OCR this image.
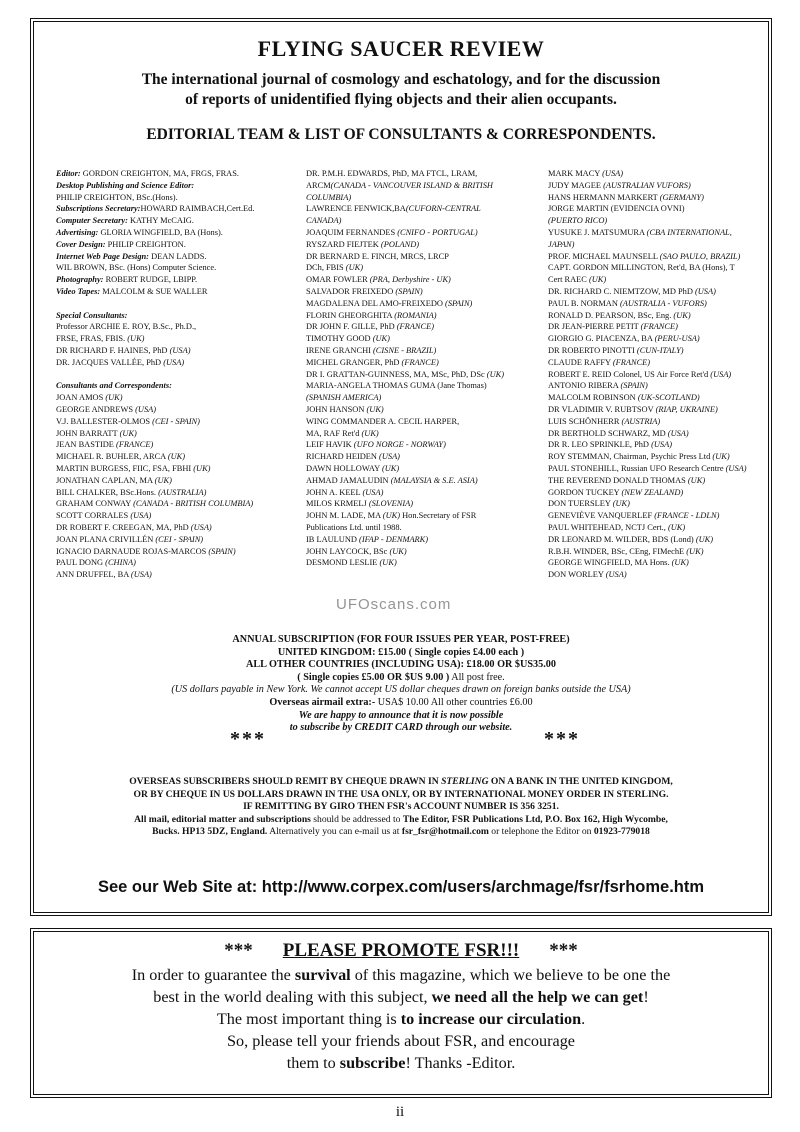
FLYING SAUCER REVIEW
The international journal of cosmology and eschatology, and for the discussion
of reports of unidentified flying objects and their alien occupants.
EDITORIAL TEAM & LIST OF CONSULTANTS & CORRESPONDENTS.
Editor: GORDON CREIGHTON, MA, FRGS, FRAS.
Desktop Publishing and Science Editor:
PHILIP CREIGHTON, BSc.(Hons).
Subscriptions Secretary:HOWARD RAIMBACH,Cert.Ed.
Computer Secretary: KATHY McCAIG.
Advertising: GLORIA WINGFIELD, BA (Hons).
Cover Design: PHILIP CREIGHTON.
Internet Web Page Design: DEAN LADDS.
WIL BROWN, BSc. (Hons) Computer Science.
Photography: ROBERT RUDGE, LBIPP.
Video Tapes: MALCOLM & SUE WALLER
Special Consultants:
Professor ARCHIE E. ROY, B.Sc., Ph.D.,
FRSE, FRAS, FBIS. (UK)
DR RICHARD F. HAINES, PhD (USA)
DR. JACQUES VALLÉE, PhD (USA)
Consultants and Correspondents:
JOAN AMOS (UK)
GEORGE ANDREWS (USA)
V.J. BALLESTER-OLMOS (CEI - SPAIN)
JOHN BARRATT (UK)
JEAN BASTIDE (FRANCE)
MICHAEL R. BUHLER, ARCA (UK)
MARTIN BURGESS, FIIC, FSA, FBHI (UK)
JONATHAN CAPLAN, MA (UK)
BILL CHALKER, BSc.Hons. (AUSTRALIA)
GRAHAM CONWAY (CANADA - BRITISH COLUMBIA)
SCOTT CORRALES (USA)
DR ROBERT F. CREEGAN, MA, PhD (USA)
JOAN PLANA CRIVILLÉN (CEI - SPAIN)
IGNACIO DARNAUDE ROJAS-MARCOS (SPAIN)
PAUL DONG (CHINA)
ANN DRUFFEL, BA (USA)
DR. P.M.H. EDWARDS, PhD, MA FTCL, LRAM,
ARCM(CANADA - VANCOUVER ISLAND & BRITISH
COLUMBIA)
LAWRENCE FENWICK,BA(CUFORN-CENTRAL
CANADA)
JOAQUIM FERNANDES (CNIFO - PORTUGAL)
RYSZARD FIEJTEK (POLAND)
DR BERNARD E. FINCH, MRCS, LRCP
DCh, FBIS (UK)
OMAR FOWLER (PRA, Derbyshire - UK)
SALVADOR FREIXEDO (SPAIN)
MAGDALENA DEL AMO-FREIXEDO (SPAIN)
FLORIN GHEORGHITA (ROMANIA)
DR JOHN F. GILLE, PhD (FRANCE)
TIMOTHY GOOD (UK)
IRENE GRANCHI (CISNE - BRAZIL)
MICHEL GRANGER, PhD (FRANCE)
DR I. GRATTAN-GUINNESS, MA, MSc, PhD, DSc (UK)
MARIA-ANGELA THOMAS GUMA (Jane Thomas)
(SPANISH AMERICA)
JOHN HANSON (UK)
WING COMMANDER A. CECIL HARPER,
MA, RAF Ret'd (UK)
LEIF HAVIK (UFO NORGE - NORWAY)
RICHARD HEIDEN (USA)
DAWN HOLLOWAY (UK)
AHMAD JAMALUDIN (MALAYSIA & S.E. ASIA)
JOHN A. KEEL (USA)
MILOS KRMELJ (SLOVENIA)
JOHN M. LADE, MA (UK) Hon.Secretary of FSR
Publications Ltd. until 1988.
IB LAULUND (IFAP - DENMARK)
JOHN LAYCOCK, BSc (UK)
DESMOND LESLIE (UK)
MARK MACY (USA)
JUDY MAGEE (AUSTRALIAN VUFORS)
HANS HERMANN MARKERT (GERMANY)
JORGE MARTIN (EVIDENCIA OVNI)
(PUERTO RICO)
YUSUKE J. MATSUMURA (CBA INTERNATIONAL,
JAPAN)
PROF. MICHAEL MAUNSELL (SAO PAULO, BRAZIL)
CAPT. GORDON MILLINGTON, Ret'd, BA (Hons), T
Cert RAEC (UK)
DR. RICHARD C. NIEMTZOW, MD PhD (USA)
PAUL B. NORMAN (AUSTRALIA - VUFORS)
RONALD D. PEARSON, BSc, Eng. (UK)
DR JEAN-PIERRE PETIT (FRANCE)
GIORGIO G. PIACENZA, BA (PERU-USA)
DR ROBERTO PINOTTI (CUN-ITALY)
CLAUDE RAFFY (FRANCE)
ROBERT E. REID Colonel, US Air Force Ret'd (USA)
ANTONIO RIBERA (SPAIN)
MALCOLM ROBINSON (UK-SCOTLAND)
DR VLADIMIR V. RUBTSOV (RIAP, UKRAINE)
LUIS SCHÖNHERR (AUSTRIA)
DR BERTHOLD SCHWARZ, MD (USA)
DR R. LEO SPRINKLE, PhD (USA)
ROY STEMMAN, Chairman, Psychic Press Ltd (UK)
PAUL STONEHILL, Russian UFO Research Centre (USA)
THE REVEREND DONALD THOMAS (UK)
GORDON TUCKEY (NEW ZEALAND)
DON TUERSLEY (UK)
GENEVIÈVE VANQUERLEF (FRANCE - LDLN)
PAUL WHITEHEAD, NCTJ Cert., (UK)
DR LEONARD M. WILDER, BDS (Lond) (UK)
R.B.H. WINDER, BSc, CEng, FIMechE (UK)
GEORGE WINGFIELD, MA Hons. (UK)
DON WORLEY (USA)
UFOscans.com
ANNUAL SUBSCRIPTION (FOR FOUR ISSUES PER YEAR, POST-FREE)
UNITED KINGDOM: £15.00 ( Single copies £4.00 each )
ALL OTHER COUNTRIES (INCLUDING USA): £18.00 OR $US35.00
( Single copies £5.00 OR $US 9.00 ) All post free.
(US dollars payable in New York. We cannot accept US dollar cheques drawn on foreign banks outside the USA)
Overseas airmail extra:- USA$ 10.00 All other countries £6.00
We are happy to announce that it is now possible
to subscribe by CREDIT CARD through our website.
***	***
OVERSEAS SUBSCRIBERS SHOULD REMIT BY CHEQUE DRAWN IN STERLING ON A BANK IN THE UNITED KINGDOM,
OR BY CHEQUE IN US DOLLARS DRAWN IN THE USA ONLY, OR BY INTERNATIONAL MONEY ORDER IN STERLING.
IF REMITTING BY GIRO THEN FSR's ACCOUNT NUMBER IS 356 3251.
All mail, editorial matter and subscriptions should be addressed to The Editor, FSR Publications Ltd, P.O. Box 162, High Wycombe,
Bucks. HP13 5DZ, England. Alternatively you can e-mail us at fsr_fsr@hotmail.com or telephone the Editor on 01923-779018
See our Web Site at: http://www.corpex.com/users/archmage/fsr/fsrhome.htm
*** PLEASE PROMOTE FSR!!! ***
In order to guarantee the survival of this magazine, which we believe to be one the
best in the world dealing with this subject, we need all the help we can get!
The most important thing is to increase our circulation.
So, please tell your friends about FSR, and encourage
them to subscribe! Thanks -Editor.
ii
